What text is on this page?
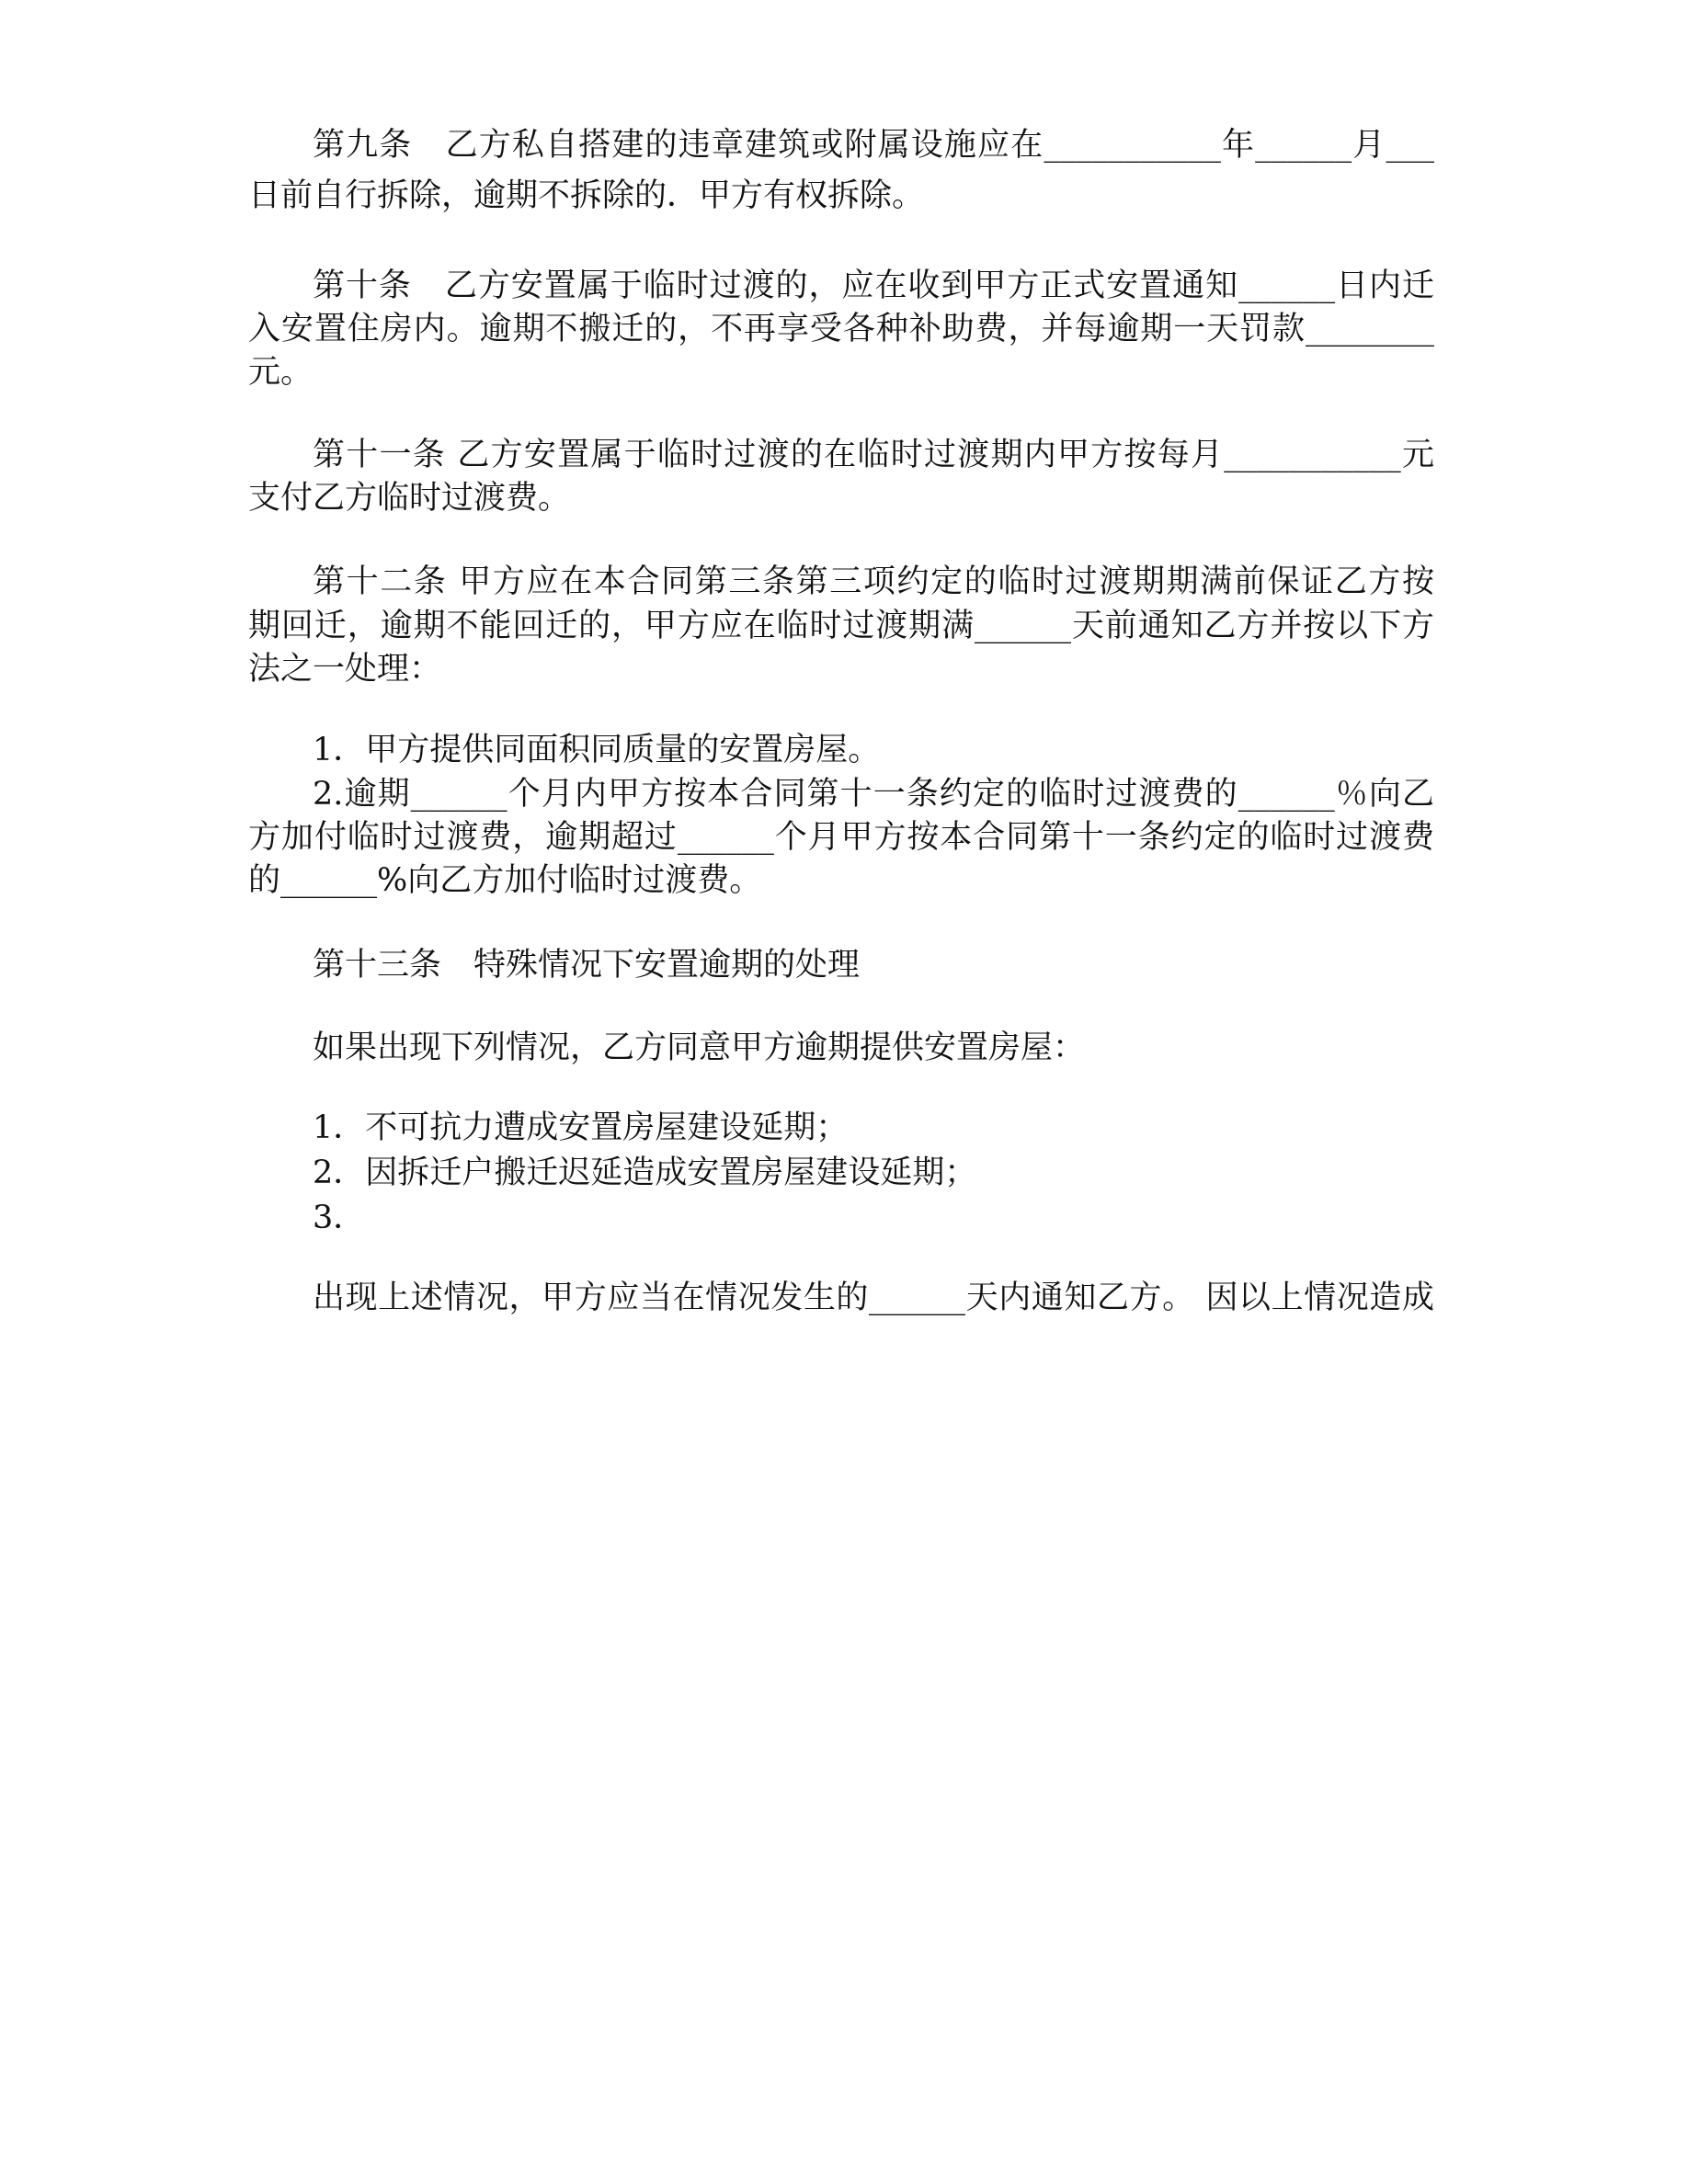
第九条　乙方私自搭建的违章建筑或附属设施应在___________年______月___
日前自行拆除，逾期不拆除的．甲方有权拆除。
第十条　乙方安置属于临时过渡的，应在收到甲方正式安置通知______日内迁
入安置住房内。逾期不搬迁的，不再享受各种补助费，并每逾期一天罚款________
元。
第十一条 乙方安置属于临时过渡的在临时过渡期内甲方按每月___________元
支付乙方临时过渡费。
第十二条 甲方应在本合同第三条第三项约定的临时过渡期期满前保证乙方按
期回迁，逾期不能回迁的，甲方应在临时过渡期满______天前通知乙方并按以下方
法之一处理：
1．甲方提供同面积同质量的安置房屋。
2.逾期______个月内甲方按本合同第十一条约定的临时过渡费的______％向乙
方加付临时过渡费，逾期超过______个月甲方按本合同第十一条约定的临时过渡费
的______%向乙方加付临时过渡费。
第十三条　特殊情况下安置逾期的处理
如果出现下列情况，乙方同意甲方逾期提供安置房屋：
1．不可抗力遭成安置房屋建设延期；
2．因拆迁户搬迁迟延造成安置房屋建设延期；
3．
出现上述情况，甲方应当在情况发生的______天内通知乙方。 因以上情况造成
